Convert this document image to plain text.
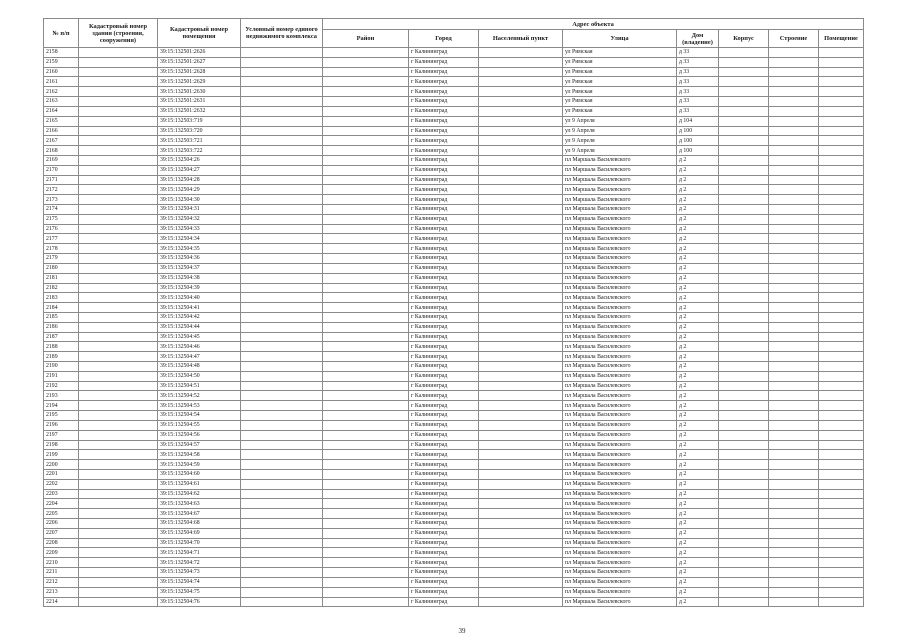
№ п/п	Кадастровый номер здания (строения, сооружения)	Кадастровый номер помещения	Условный номер единого недвижимого комплекса	Адрес объекта							
				Район	Город	Населенный пункт	Улица	Дом (владение)	Корпус	Строение	Помещение
2158		39:15:132501:2626			г Калининград		ул Римская	д 33			
2159		39:15:132501:2627			г Калининград		ул Римская	д 33			
2160		39:15:132501:2628			г Калининград		ул Римская	д 33			
2161		39:15:132501:2629			г Калининград		ул Римская	д 33			
2162		39:15:132501:2630			г Калининград		ул Римская	д 33			
2163		39:15:132501:2631			г Калининград		ул Римская	д 33			
2164		39:15:132501:2632			г Калининград		ул Римская	д 33			
2165		39:15:132503:719			г Калининград		ул 9 Апреля	д 104			
2166		39:15:132503:720			г Калининград		ул 9 Апреля	д 100			
2167		39:15:132503:721			г Калининград		ул 9 Апреля	д 100			
2168		39:15:132503:722			г Калининград		ул 9 Апреля	д 100			
2169		39:15:132504:26			г Калининград		пл Маршала Василевского	д 2			
2170		39:15:132504:27			г Калининград		пл Маршала Василевского	д 2			
2171		39:15:132504:28			г Калининград		пл Маршала Василевского	д 2			
2172		39:15:132504:29			г Калининград		пл Маршала Василевского	д 2			
2173		39:15:132504:30			г Калининград		пл Маршала Василевского	д 2			
2174		39:15:132504:31			г Калининград		пл Маршала Василевского	д 2			
2175		39:15:132504:32			г Калининград		пл Маршала Василевского	д 2			
2176		39:15:132504:33			г Калининград		пл Маршала Василевского	д 2			
2177		39:15:132504:34			г Калининград		пл Маршала Василевского	д 2			
2178		39:15:132504:35			г Калининград		пл Маршала Василевского	д 2			
2179		39:15:132504:36			г Калининград		пл Маршала Василевского	д 2			
2180		39:15:132504:37			г Калининград		пл Маршала Василевского	д 2			
2181		39:15:132504:38			г Калининград		пл Маршала Василевского	д 2			
2182		39:15:132504:39			г Калининград		пл Маршала Василевского	д 2			
2183		39:15:132504:40			г Калининград		пл Маршала Василевского	д 2			
2184		39:15:132504:41			г Калининград		пл Маршала Василевского	д 2			
2185		39:15:132504:42			г Калининград		пл Маршала Василевского	д 2			
2186		39:15:132504:44			г Калининград		пл Маршала Василевского	д 2			
2187		39:15:132504:45			г Калининград		пл Маршала Василевского	д 2			
2188		39:15:132504:46			г Калининград		пл Маршала Василевского	д 2			
2189		39:15:132504:47			г Калининград		пл Маршала Василевского	д 2			
2190		39:15:132504:48			г Калининград		пл Маршала Василевского	д 2			
2191		39:15:132504:50			г Калининград		пл Маршала Василевского	д 2			
2192		39:15:132504:51			г Калининград		пл Маршала Василевского	д 2			
2193		39:15:132504:52			г Калининград		пл Маршала Василевского	д 2			
2194		39:15:132504:53			г Калининград		пл Маршала Василевского	д 2			
2195		39:15:132504:54			г Калининград		пл Маршала Василевского	д 2			
2196		39:15:132504:55			г Калининград		пл Маршала Василевского	д 2			
2197		39:15:132504:56			г Калининград		пл Маршала Василевского	д 2			
2198		39:15:132504:57			г Калининград		пл Маршала Василевского	д 2			
2199		39:15:132504:58			г Калининград		пл Маршала Василевского	д 2			
2200		39:15:132504:59			г Калининград		пл Маршала Василевского	д 2			
2201		39:15:132504:60			г Калининград		пл Маршала Василевского	д 2			
2202		39:15:132504:61			г Калининград		пл Маршала Василевского	д 2			
2203		39:15:132504:62			г Калининград		пл Маршала Василевского	д 2			
2204		39:15:132504:63			г Калининград		пл Маршала Василевского	д 2			
2205		39:15:132504:67			г Калининград		пл Маршала Василевского	д 2			
2206		39:15:132504:68			г Калининград		пл Маршала Василевского	д 2			
2207		39:15:132504:69			г Калининград		пл Маршала Василевского	д 2			
2208		39:15:132504:70			г Калининград		пл Маршала Василевского	д 2			
2209		39:15:132504:71			г Калининград		пл Маршала Василевского	д 2			
2210		39:15:132504:72			г Калининград		пл Маршала Василевского	д 2			
2211		39:15:132504:73			г Калининград		пл Маршала Василевского	д 2			
2212		39:15:132504:74			г Калининград		пл Маршала Василевского	д 2			
2213		39:15:132504:75			г Калининград		пл Маршала Василевского	д 2			
2214		39:15:132504:76			г Калининград		пл Маршала Василевского	д 2			
39
